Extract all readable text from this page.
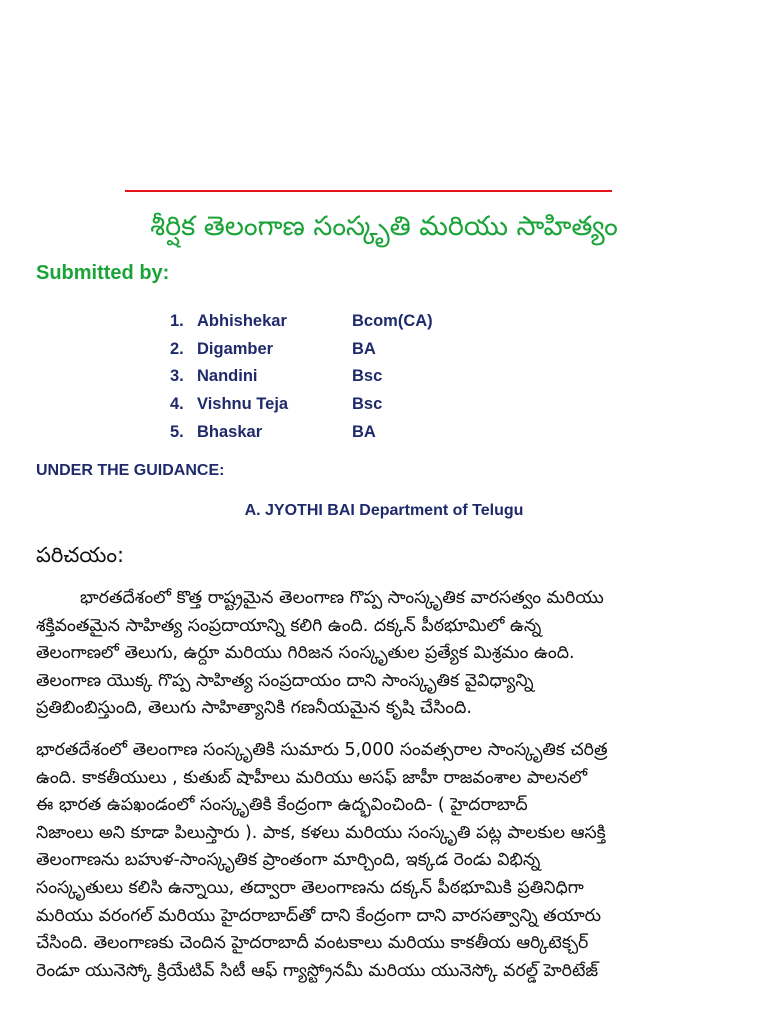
శీర్షిక తెలంగాణ సంస్కృతి మరియు సాహిత్యం
Submitted by:
1. Abhishekar	Bcom(CA)
2. Digamber	BA
3. Nandini	Bsc
4. Vishnu Teja	Bsc
5. Bhaskar	BA
UNDER THE GUIDANCE:
A. JYOTHI BAI Department of Telugu
పరిచయం:

భారతదేశంలో కొత్త రాష్ట్రమైన తెలంగాణ గొప్ప సాంస్కృతిక వారసత్వం మరియు
శక్తివంతమైన సాహిత్య సంప్రదాయాన్ని కలిగి ఉంది. దక్కన్ పీఠభూమిలో ఉన్న
తెలంగాణలో తెలుగు, ఉర్దూ మరియు గిరిజన సంస్కృతుల ప్రత్యేక మిశ్రమం ఉంది.
తెలంగాణ యొక్క గొప్ప సాహిత్య సంప్రదాయం దాని సాంస్కృతిక వైవిధ్యాన్ని
ప్రతిబింబిస్తుంది, తెలుగు సాహిత్యానికి గణనీయమైన కృషి చేసింది.

భారతదేశంలో తెలంగాణ సంస్కృతికి సుమారు 5,000 సంవత్సరాల సాంస్కృతిక చరిత్ర
ఉంది. కాకతీయులు , కుతుబ్ షాహీలు మరియు అసఫ్ జాహీ రాజవంశాల పాలనలో
ఈ భారత ఉపఖండంలో సంస్కృతికి కేంద్రంగా ఉద్భవించింది- ( హైదరాబాద్
నిజాంలు అని కూడా పిలుస్తారు ). పాక, కళలు మరియు సంస్కృతి పట్ల పాలకుల ఆసక్తి
తెలంగాణను బహుళ-సాంస్కృతిక ప్రాంతంగా మార్చింది, ఇక్కడ రెండు విభిన్న
సంస్కృతులు కలిసి ఉన్నాయి, తద్వారా తెలంగాణను దక్కన్ పీఠభూమికి ప్రతినిధిగా
మరియు వరంగల్ మరియు హైదరాబాద్‌తో దాని కేంద్రంగా దాని వారసత్వాన్ని తయారు
చేసింది. తెలంగాణకు చెందిన హైదరాబాదీ వంటకాలు మరియు కాకతీయ ఆర్కిటెక్చర్
రెండూ యునెస్కో క్రియేటివ్ సిటీ ఆఫ్ గ్యాస్ట్రోనమీ మరియు యునెస్కో వరల్డ్ హెరిటేజ్
